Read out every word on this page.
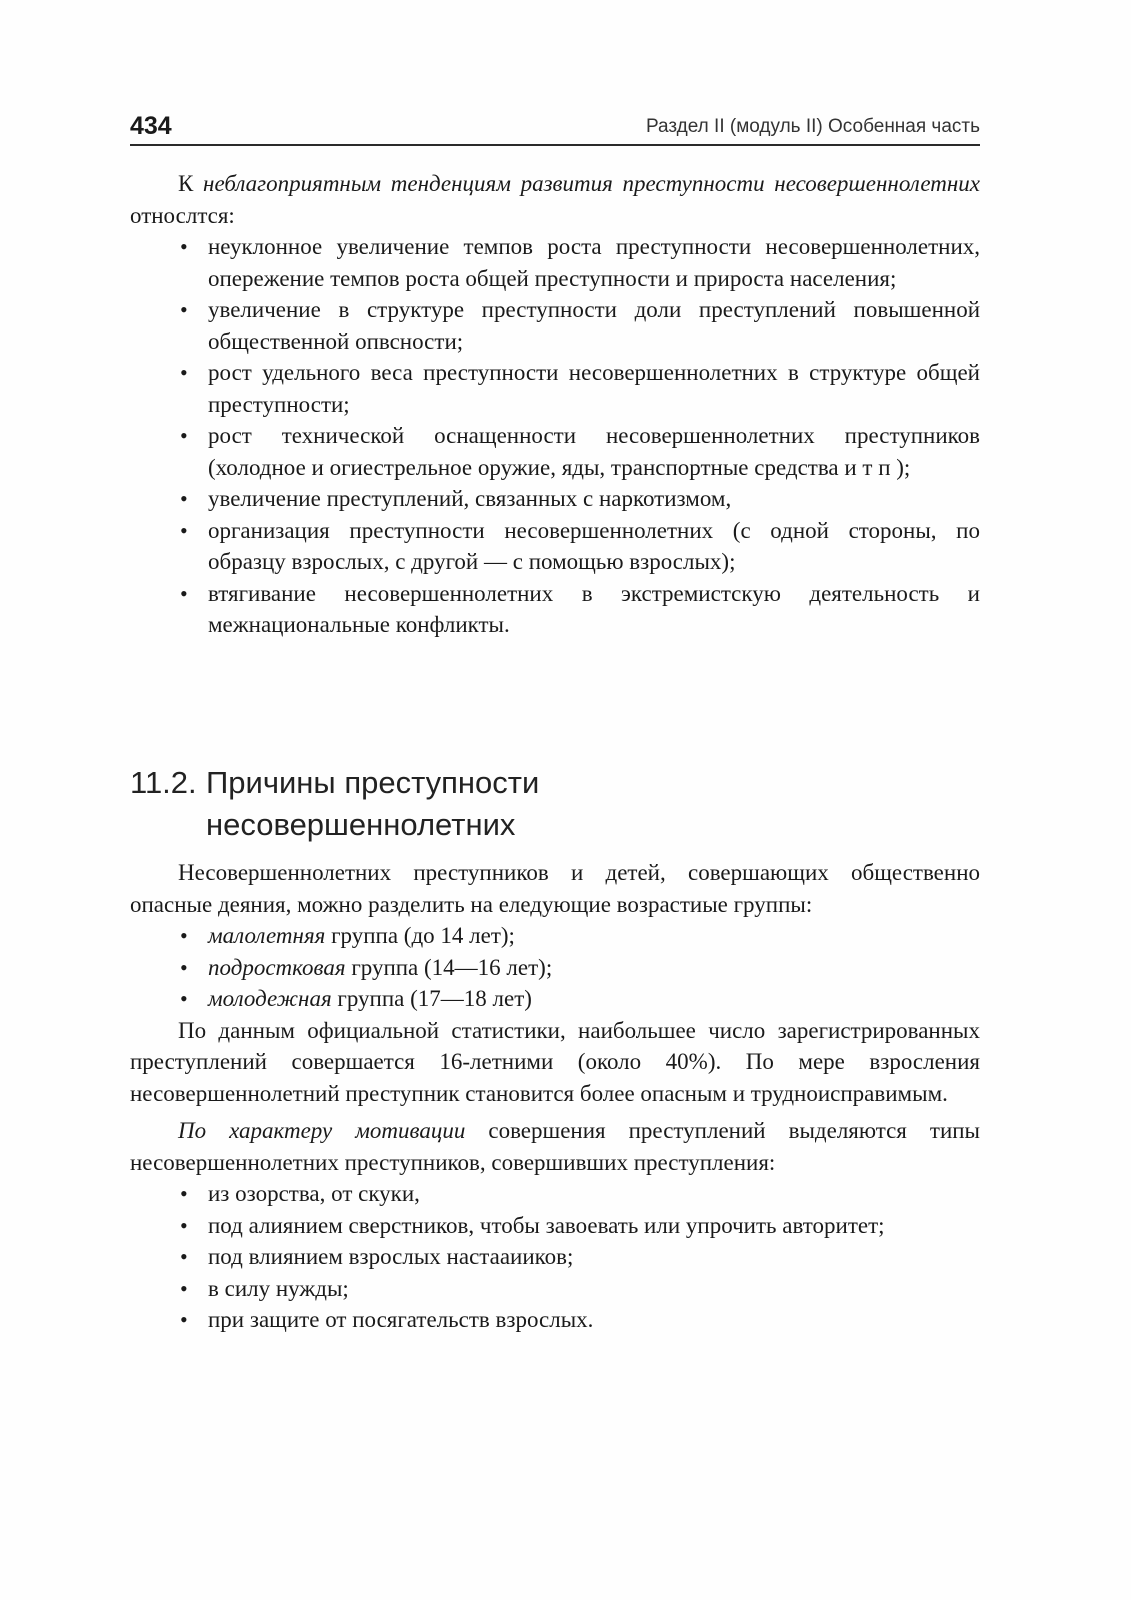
434	Раздел II (модуль II) Особенная часть

К неблагоприятным тенденциям развития преступности несовершеннолетних относлтся:

• неуклонное увеличение темпов роста преступности несовершеннолетних, опережение темпов роста общей преступности и прироста населения;
• увеличение в структуре преступности доли преступлений повышенной общественной опвсности;
• рост удельного веса преступности несовершеннолетних в структуре общей преступности;
• рост технической оснащенности несовершеннолетних преступников (холодное и огиестрельное оружие, яды, транспортные средства и т п );
• увеличение преступлений, связанных с наркотизмом,
• организация преступности несовершеннолетних (с одной стороны, по образцу взрослых, с другой — с помощью взрослых);
• втягивание несовершеннолетних в экстремистскую деятельность и межнациональные конфликты.
11.2. Причины преступности
несовершеннолетних

Несовершеннолетних преступников и детей, совершающих общественно опасные деяния, можно разделить на еледующие возрастиые группы:

• малолетняя группа (до 14 лет);
• подростковая группа (14—16 лет);
• молодежная группа (17—18 лет)

По данным официальной статистики, наибольшее число зарегистрированных преступлений совершается 16-летними (около 40%). По мере взросления несовершеннолетний преступник становится более опасным и трудноисправимым.

По характеру мотивации совершения преступлений выделяются типы несовершеннолетних преступников, совершивших преступления:

• из озорства, от скуки,
• под алиянием сверстников, чтобы завоевать или упрочить авторитет;
• под влиянием взрослых настааииков;
• в силу нужды;
• при защите от посягательств взрослых.
